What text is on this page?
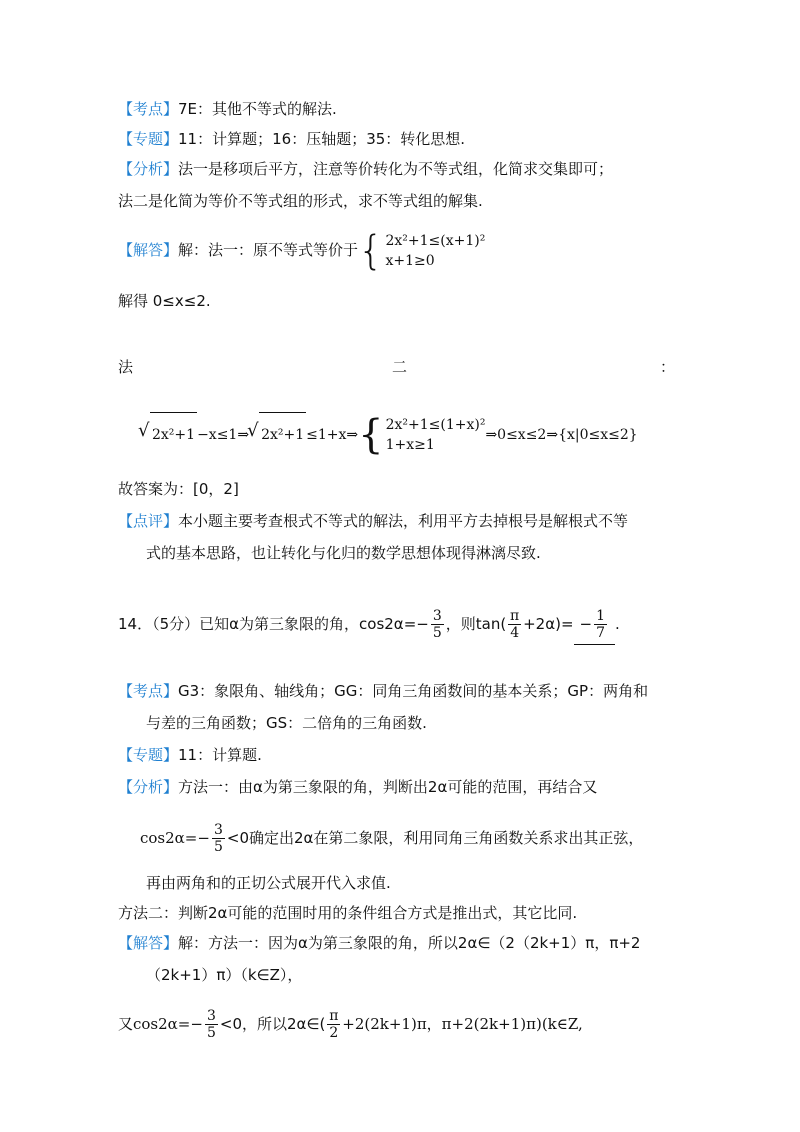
【考点】7E：其他不等式的解法.
【专题】11：计算题；16：压轴题；35：转化思想.
【分析】法一是移项后平方，注意等价转化为不等式组，化简求交集即可；
法二是化简为等价不等式组的形式，求不等式组的解集.
【解答】解：法一：原不等式等价于{ 2x²+1≤(x+1)²
x+1≥0
解得 0≤x≤2.
法	二	：
√ 2x²+1 −x≤1⇒√ 2x²+1 ≤1+x⇒{ 2x²+1≤(1+x)²
1+x≥1
⇒0≤x≤2⇒{x|0≤x≤2}
故答案为：[0，2]
【点评】本小题主要考查根式不等式的解法，利用平方去掉根号是解根式不等
式的基本思路，也让转化与化归的数学思想体现得淋漓尽致.
14．（5分）已知α为第三象限的角，$\cos 2\alpha=- \frac{3}{5}$ ，则$\tan( \frac{\pi}{4} +2\alpha)= - \frac{1}{7}$ .
【考点】G3：象限角、轴线角；GG：同角三角函数间的基本关系；GP：两角和
与差的三角函数；GS：二倍角的三角函数.
【专题】11：计算题.
【分析】方法一：由α为第三象限的角，判断出2α可能的范围，再结合又
$\cos 2\alpha=- \frac{3}{5} <0$确定出2α在第二象限，利用同角三角函数关系求出其正弦，
再由两角和的正切公式展开代入求值.
方法二：判断2α可能的范围时用的条件组合方式是推出式，其它比同.
【解答】解：方法一：因为α为第三象限的角，所以2α∈（2（2k+1）π，π+2
（2k+1）π）（k∈Z），
又$\cos 2\alpha=- \frac{3}{5} <0$，所以2α∈( $\frac{\pi}{2} +2(2k+1)\pi$，π+2(2k+1)π)(k∈Z,
